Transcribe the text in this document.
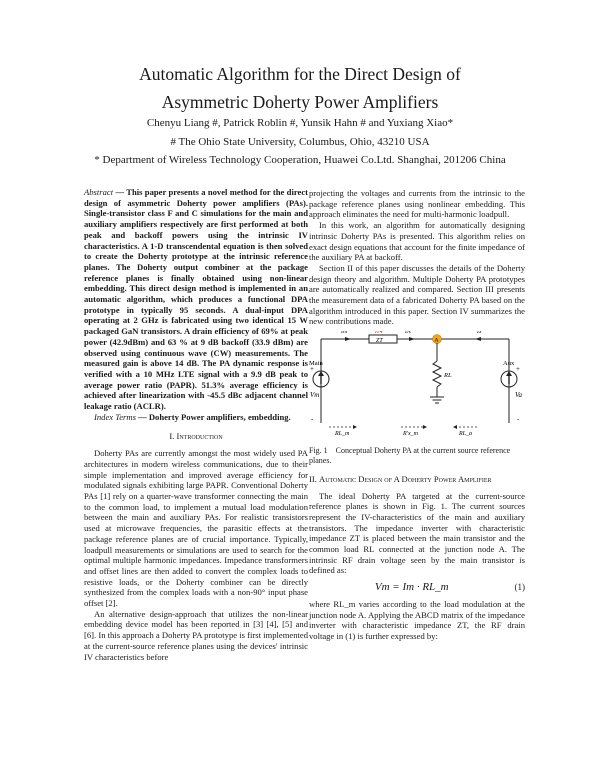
Automatic Algorithm for the Direct Design of
Asymmetric Doherty Power Amplifiers
Chenyu Liang #, Patrick Roblin #, Yunsik Hahn # and Yuxiang Xiao*
# The Ohio State University, Columbus, Ohio, 43210 USA
* Department of Wireless Technology Cooperation, Huawei Co.Ltd. Shanghai, 201206 China
Abstract — This paper presents a novel method for the direct design of asymmetric Doherty power amplifiers (PAs). Single-transistor class F and C simulations for the main and auxiliary amplifiers respectively are first performed at both peak and backoff powers using the intrinsic IV characteristics. A 1-D transcendental equation is then solved to create the Doherty prototype at the intrinsic reference planes. The Doherty output combiner at the package reference planes is finally obtained using non-linear embedding. This direct design method is implemented in an automatic algorithm, which produces a functional DPA prototype in typically 95 seconds. A dual-input DPA operating at 2 GHz is fabricated using two identical 15 W packaged GaN transistors. A drain efficiency of 69% at peak power (42.9dBm) and 63 % at 9 dB backoff (33.9 dBm) are observed using continuous wave (CW) measurements. The measured gain is above 14 dB. The PA dynamic response is verified with a 10 MHz LTE signal with a 9.9 dB peak to average power ratio (PAPR). 51.3% average efficiency is achieved after linearization with -45.5 dBc adjacent channel leakage ratio (ACLR).
Index Terms — Doherty Power amplifiers, embedding.
I. Introduction

Doherty PAs are currently amongst the most widely used PA architectures in modern wireless communications, due to their simple implementation and improved average efficiency for modulated signals exhibiting large PAPR. Conventional Doherty PAs [1] rely on a quarter-wave transformer connecting the main to the common load, to implement a mutual load modulation between the main and auxiliary PAs. For realistic transistors used at microwave frequencies, the parasitic effects at the package reference planes are of crucial importance. Typically, loadpull measurements or simulations are used to search for the optimal multiple harmonic impedances. Impedance transformers and offset lines are then added to convert the complex loads to resistive loads, or the Doherty combiner can be directly synthesized from the complex loads with a non-90° input phase offset [2].

An alternative design-approach that utilizes the non-linear embedding device model has been reported in [3] [4], [5] and [6]. In this approach a Doherty PA prototype is first implemented at the current-source reference planes using the devices' intrinsic IV characteristics before

projecting the voltages and currents from the intrinsic to the package reference planes using nonlinear embedding. This approach eliminates the need for multi-harmonic loadpull.

In this work, an algorithm for automatically designing intrinsic Doherty PAs is presented. This algorithm relies on exact design equations that account for the finite impedance of the auxiliary PA at backoff.

Section II of this paper discusses the details of the Doherty design theory and algorithm. Multiple Doherty PA prototypes are automatically realized and compared. Section III presents the measurement data of a fabricated Doherty PA based on the algorithm introduced in this paper. Section IV summarizes the new contributions made.

Main
+
Vm
-
ZT
λ/4
Im	IA	Ix
A
RL
Aux
+
Va
-
RL_m	R'x_m	RL_a

Fig. 1 Conceptual Doherty PA at the current source reference planes.

II. Automatic Design of A Doherty Power Amplifier

The ideal Doherty PA targeted at the current-source reference planes is shown in Fig. 1. The current sources represent the IV-characteristics of the main and auxiliary transistors. The impedance inverter with characteristic impedance ZT is placed between the main transistor and the common load RL connected at the junction node A. The intrinsic RF drain voltage seen by the main transistor is defined as:

Vm = Im · RL_m	(1)

where RL_m varies according to the load modulation at the junction node A. Applying the ABCD matrix of the impedance inverter with characteristic impedance ZT, the RF drain voltage in (1) is further expressed by:
